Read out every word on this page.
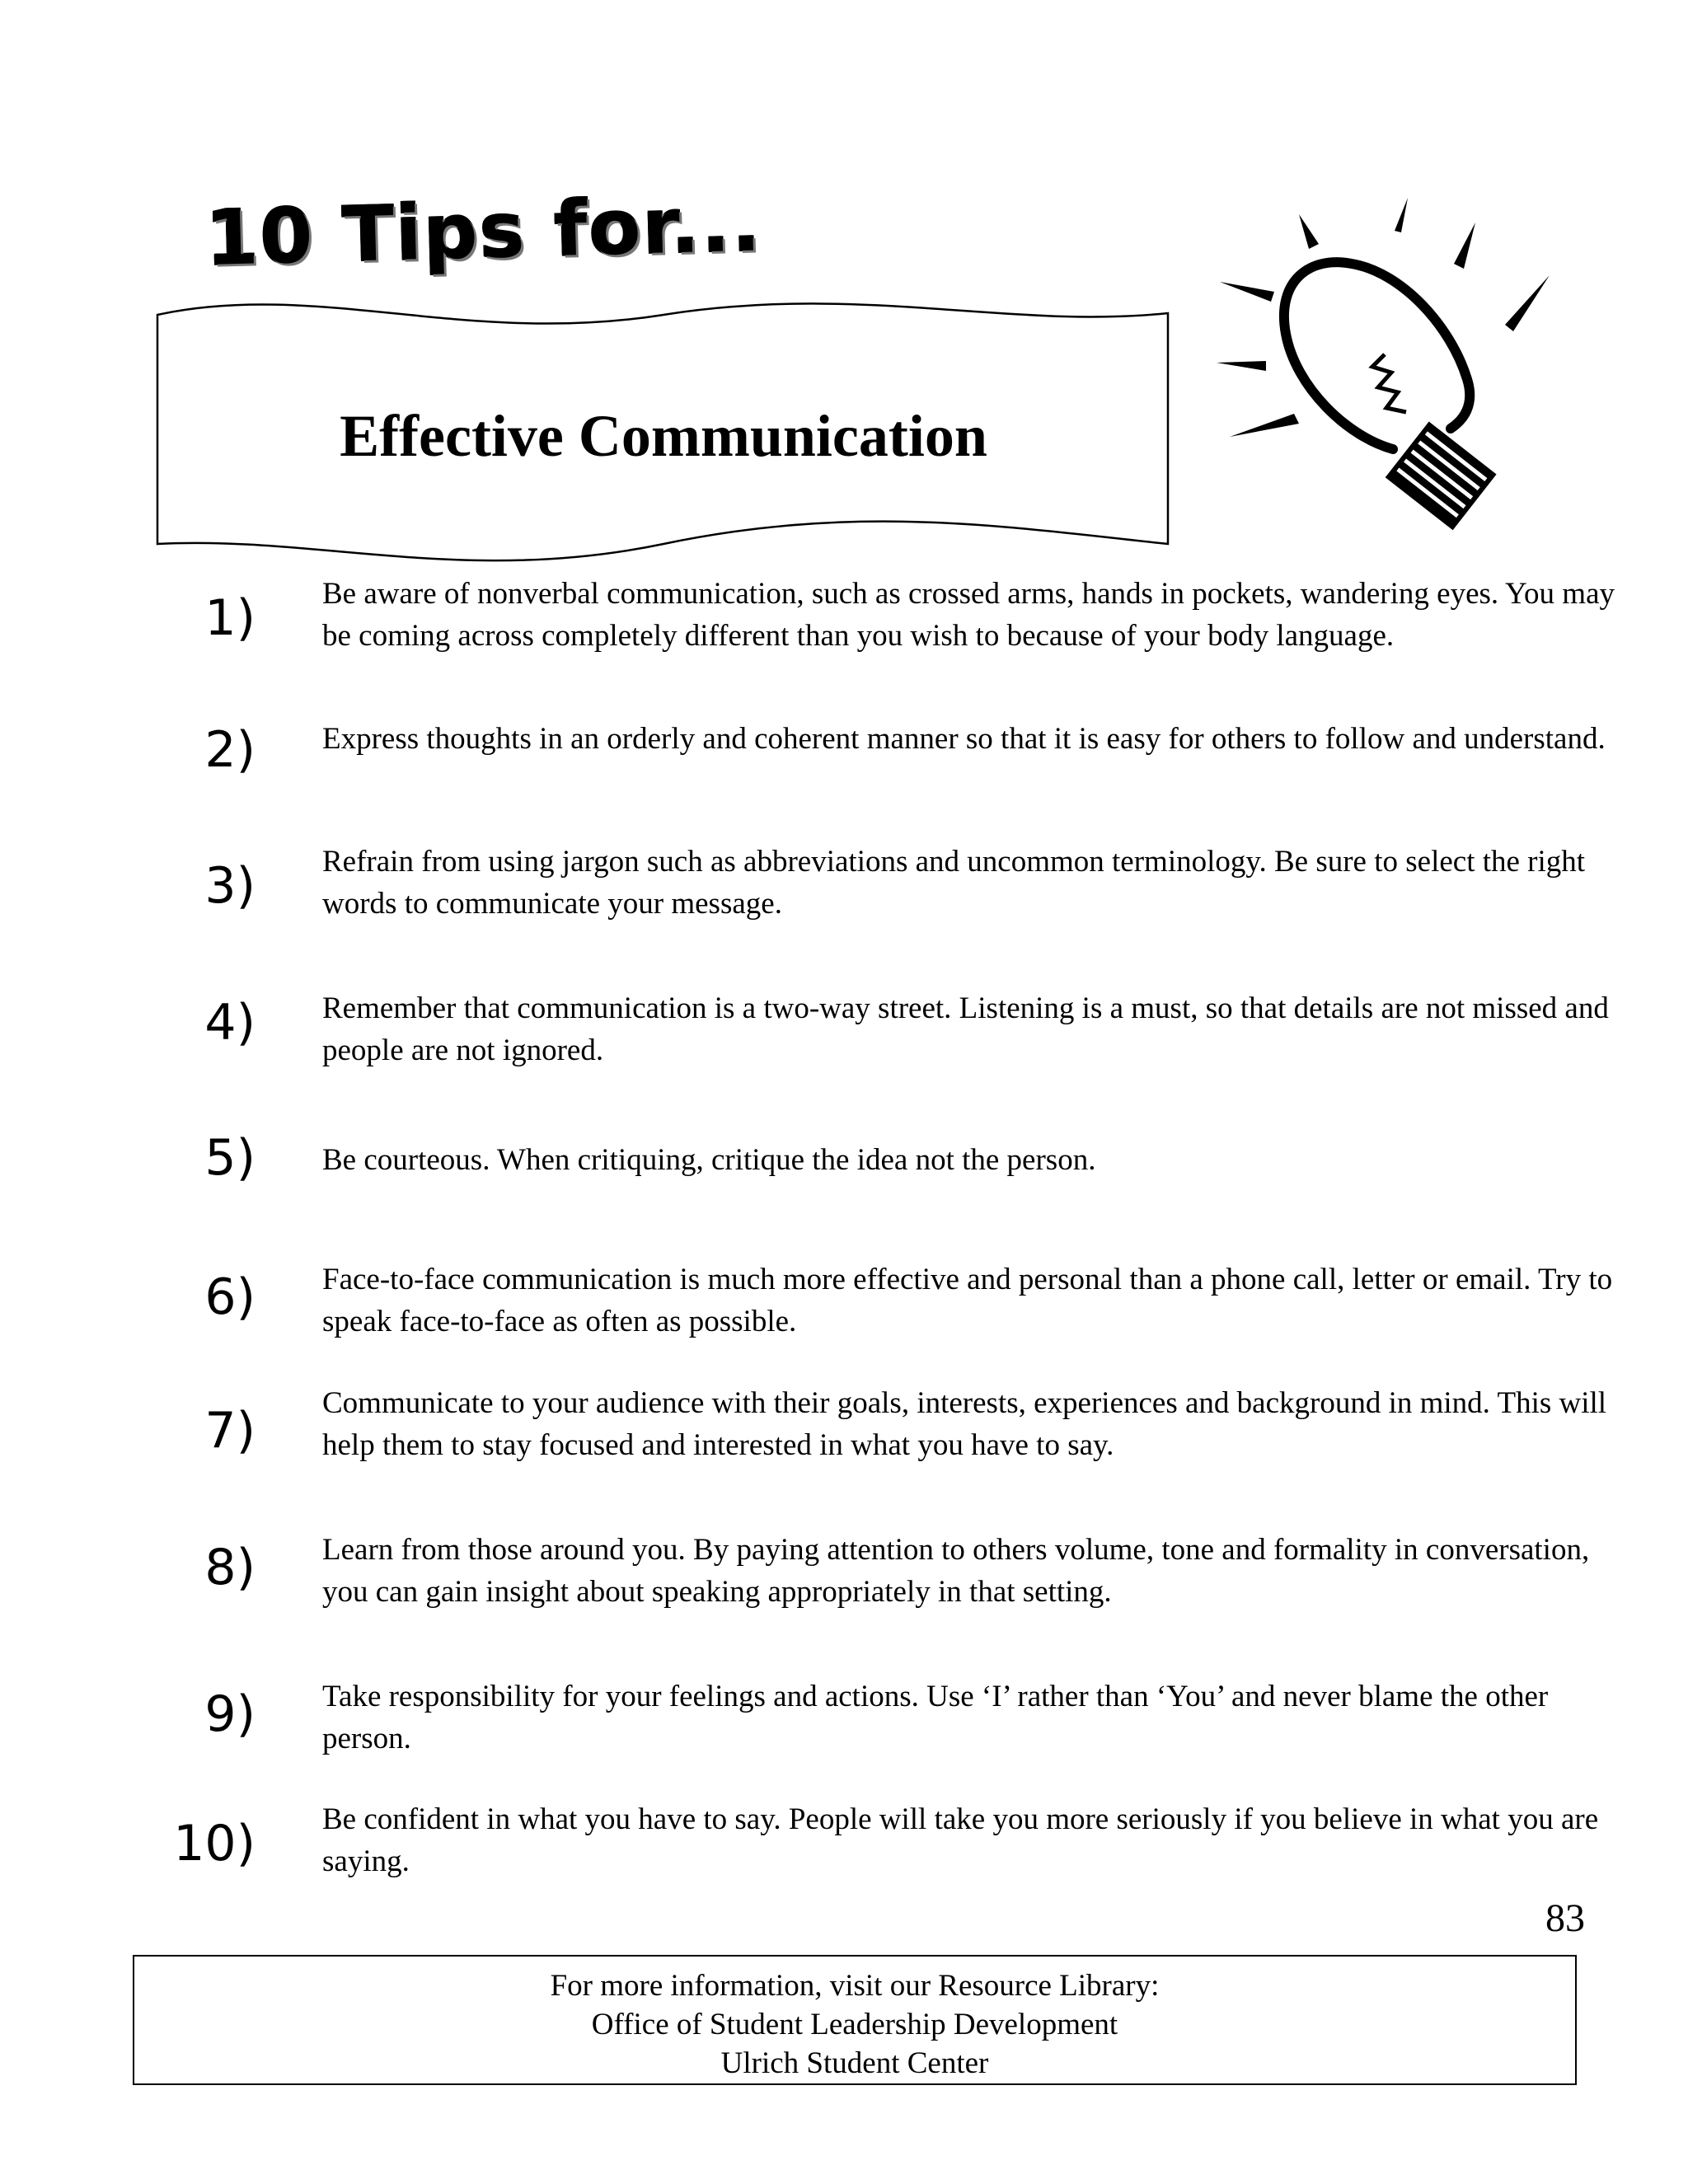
10 Tips for...
Effective Communication
1) Be aware of nonverbal communication, such as crossed arms, hands in pockets, wandering eyes. You may be coming across completely different than you wish to because of your body language.
2) Express thoughts in an orderly and coherent manner so that it is easy for others to follow and understand.
3) Refrain from using jargon such as abbreviations and uncommon terminology. Be sure to select the right words to communicate your message.
4) Remember that communication is a two-way street. Listening is a must, so that details are not missed and people are not ignored.
5) Be courteous. When critiquing, critique the idea not the person.
6) Face-to-face communication is much more effective and personal than a phone call, letter or email. Try to speak face-to-face as often as possible.
7) Communicate to your audience with their goals, interests, experiences and background in mind. This will help them to stay focused and interested in what you have to say.
8) Learn from those around you. By paying attention to others volume, tone and formality in conversation, you can gain insight about speaking appropriately in that setting.
9) Take responsibility for your feelings and actions. Use ‘I’ rather than ‘You’ and never blame the other person.
10) Be confident in what you have to say. People will take you more seriously if you believe in what you are saying.
83
For more information, visit our Resource Library:
Office of Student Leadership Development
Ulrich Student Center
